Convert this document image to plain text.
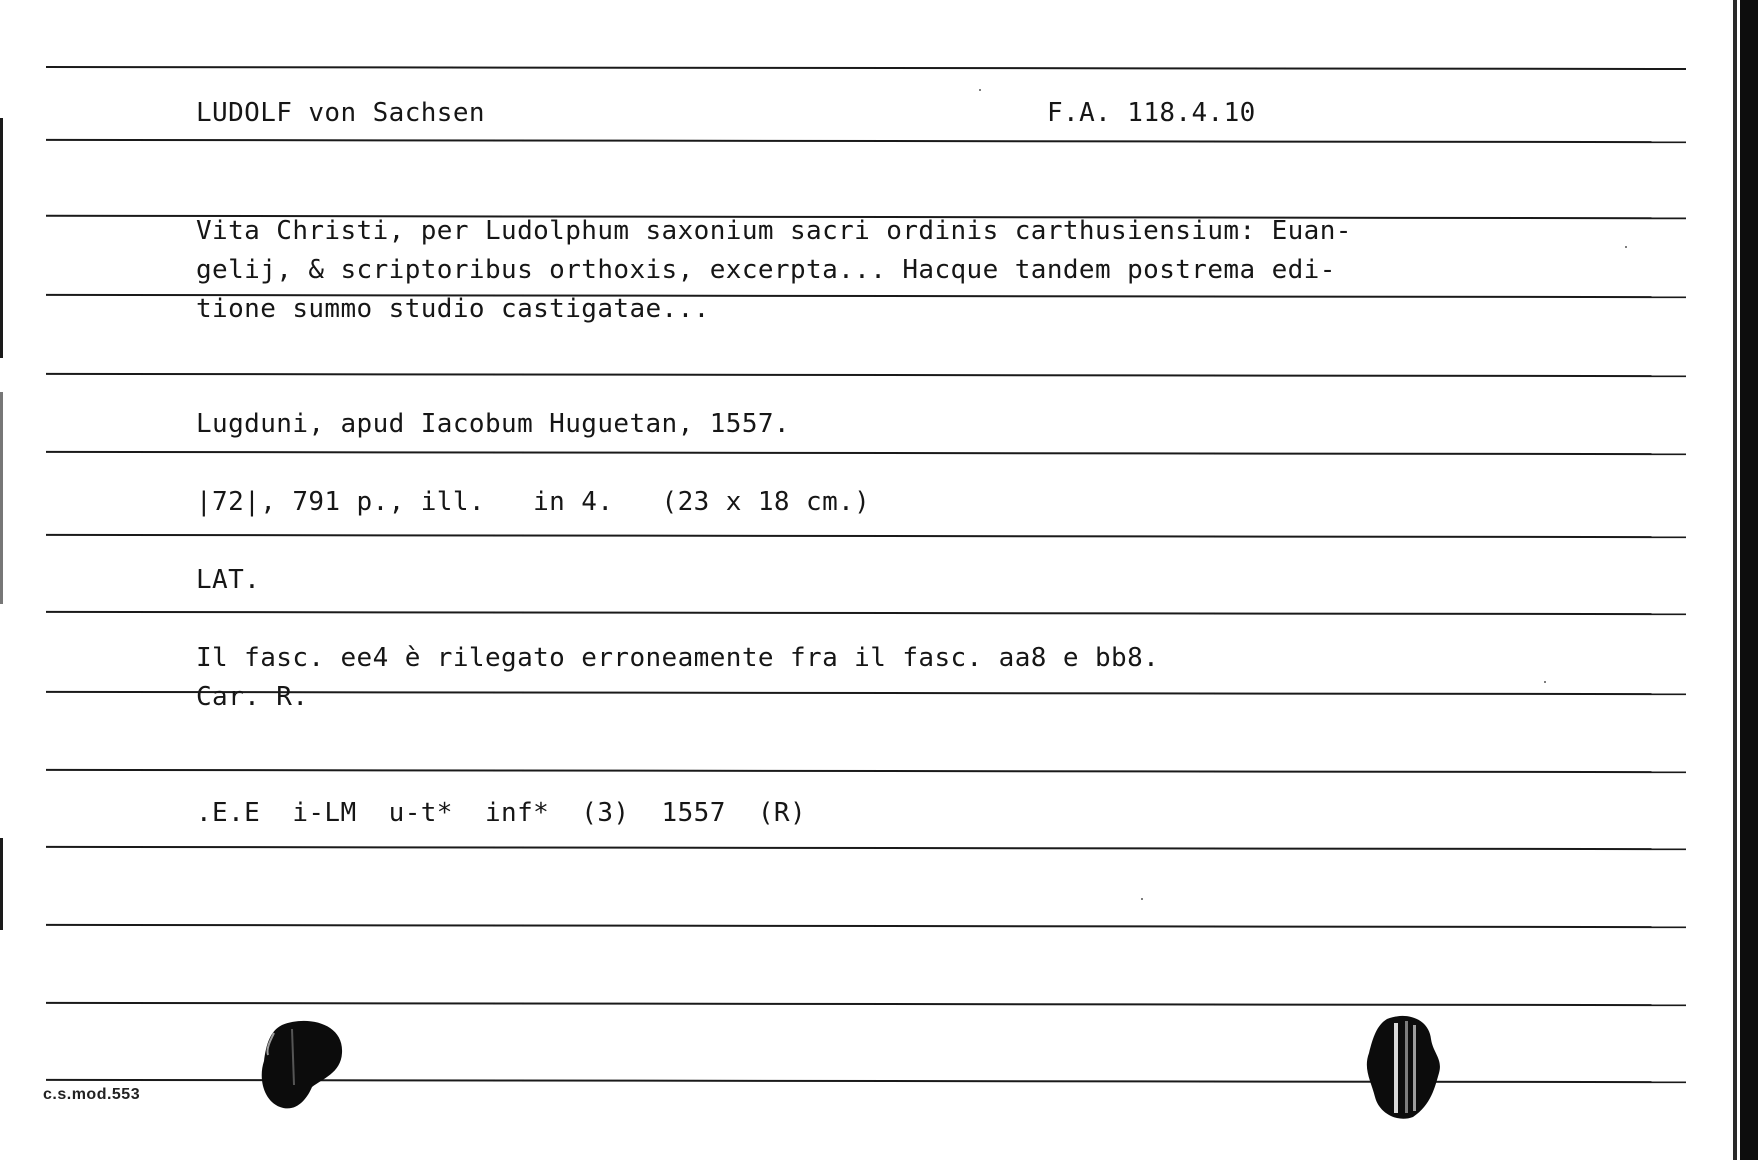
LUDOLF von Sachsen	F.A. 118.4.10
Vita Christi, per Ludolphum saxonium sacri ordinis carthusiensium: Euan-
gelij, & scriptoribus orthoxis, excerpta... Hacque tandem postrema edi-
tione summo studio castigatae...
Lugduni, apud Iacobum Huguetan, 1557.
|72|, 791 p., ill.   in 4.   (23 x 18 cm.)
LAT.
Il fasc. ee4 è rilegato erroneamente fra il fasc. aa8 e bb8.
Car. R.
.E.E  i-LM  u-t*  inf*  (3)  1557  (R)
c.s.mod.553
